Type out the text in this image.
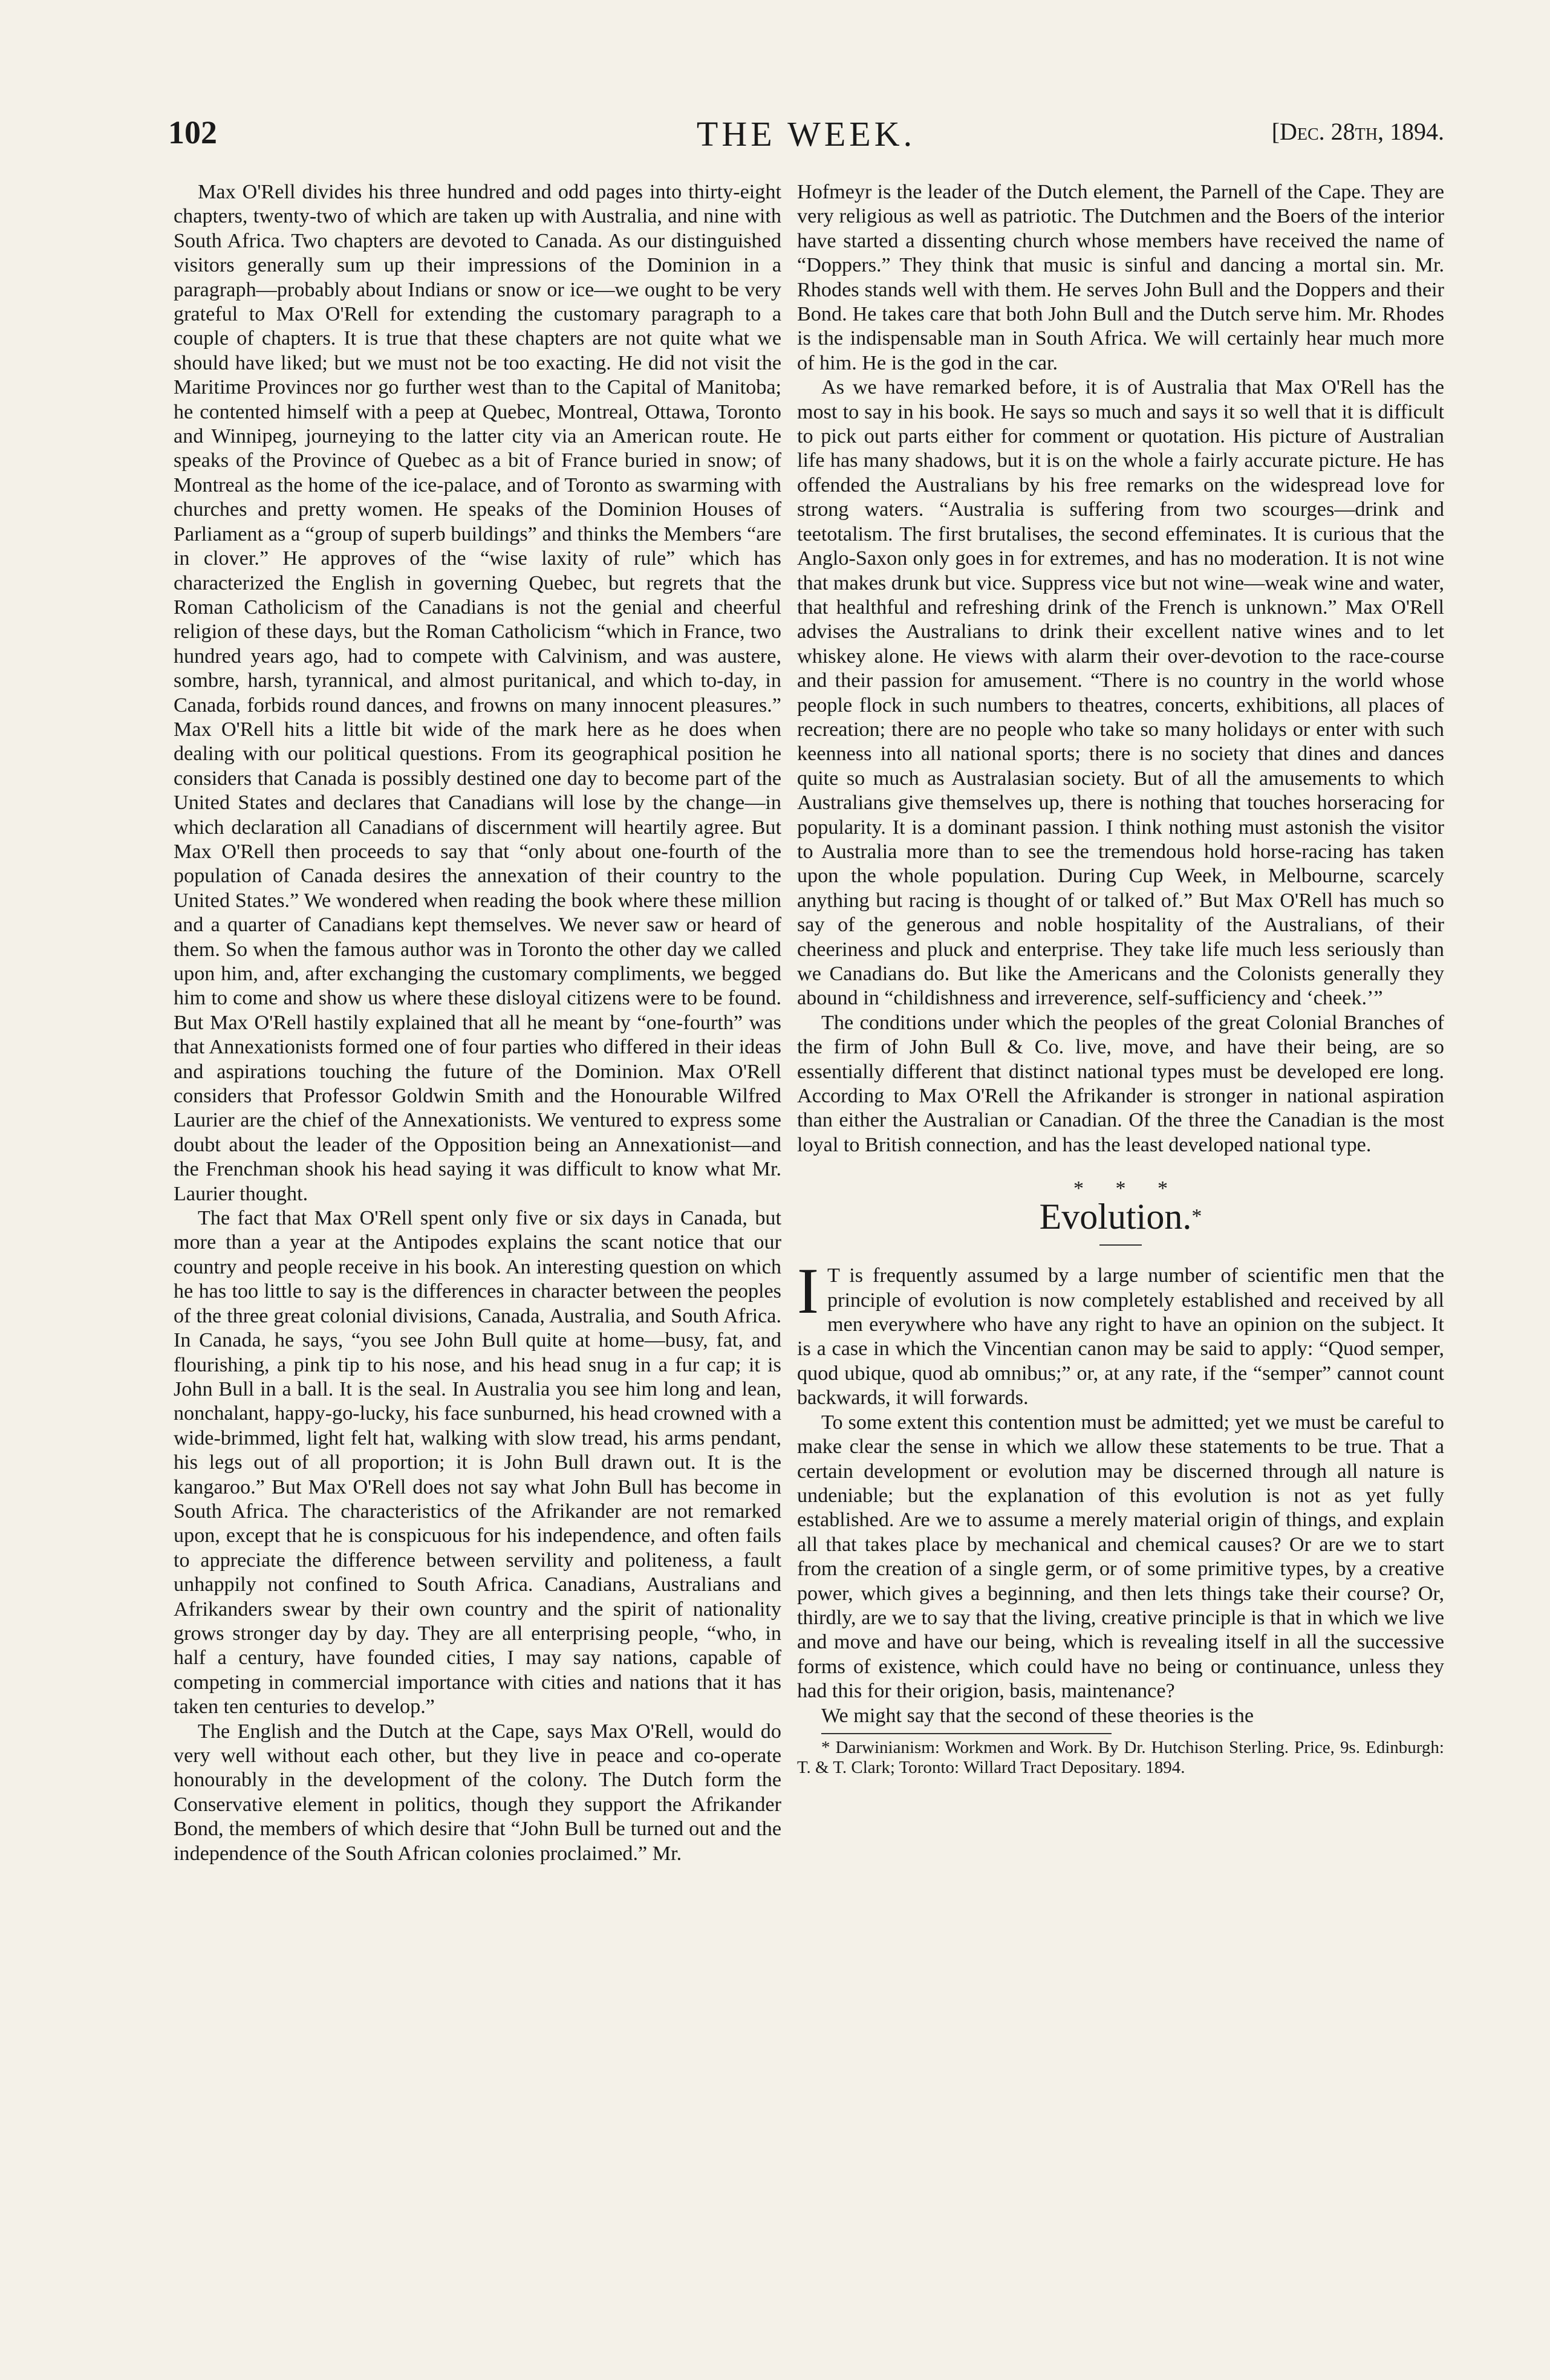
102	THE WEEK.	[Dec. 28th, 1894.

Max O'Rell divides his three hundred and odd pages into thirty-eight chapters, twenty-two of which are taken up with Australia, and nine with South Africa. Two chapters are devoted to Canada. As our distinguished visitors generally sum up their impressions of the Dominion in a paragraph—probably about Indians or snow or ice—we ought to be very grateful to Max O'Rell for extending the customary paragraph to a couple of chapters. It is true that these chapters are not quite what we should have liked; but we must not be too exacting. He did not visit the Maritime Provinces nor go further west than to the Capital of Manitoba; he contented himself with a peep at Quebec, Montreal, Ottawa, Toronto and Winnipeg, journeying to the latter city via an American route. He speaks of the Province of Quebec as a bit of France buried in snow; of Montreal as the home of the ice-palace, and of Toronto as swarming with churches and pretty women. He speaks of the Dominion Houses of Parliament as a “group of superb buildings” and thinks the Members “are in clover.” He approves of the “wise laxity of rule” which has characterized the English in governing Quebec, but regrets that the Roman Catholicism of the Canadians is not the genial and cheerful religion of these days, but the Roman Catholicism “which in France, two hundred years ago, had to compete with Calvinism, and was austere, sombre, harsh, tyrannical, and almost puritanical, and which to-day, in Canada, forbids round dances, and frowns on many innocent pleasures.” Max O'Rell hits a little bit wide of the mark here as he does when dealing with our political questions. From its geographical position he considers that Canada is possibly destined one day to become part of the United States and declares that Canadians will lose by the change—in which declaration all Canadians of discernment will heartily agree. But Max O'Rell then proceeds to say that “only about one-fourth of the population of Canada desires the annexation of their country to the United States.” We wondered when reading the book where these million and a quarter of Canadians kept themselves. We never saw or heard of them. So when the famous author was in Toronto the other day we called upon him, and, after exchanging the customary compliments, we begged him to come and show us where these disloyal citizens were to be found. But Max O'Rell hastily explained that all he meant by “one-fourth” was that Annexationists formed one of four parties who differed in their ideas and aspirations touching the future of the Dominion. Max O'Rell considers that Professor Goldwin Smith and the Honourable Wilfred Laurier are the chief of the Annexationists. We ventured to express some doubt about the leader of the Opposition being an Annexationist—and the Frenchman shook his head saying it was difficult to know what Mr. Laurier thought.

The fact that Max O'Rell spent only five or six days in Canada, but more than a year at the Antipodes explains the scant notice that our country and people receive in his book. An interesting question on which he has too little to say is the differences in character between the peoples of the three great colonial divisions, Canada, Australia, and South Africa. In Canada, he says, “you see John Bull quite at home—busy, fat, and flourishing, a pink tip to his nose, and his head snug in a fur cap; it is John Bull in a ball. It is the seal. In Australia you see him long and lean, nonchalant, happy-go-lucky, his face sunburned, his head crowned with a wide-brimmed, light felt hat, walking with slow tread, his arms pendant, his legs out of all proportion; it is John Bull drawn out. It is the kangaroo.” But Max O'Rell does not say what John Bull has become in South Africa. The characteristics of the Afrikander are not remarked upon, except that he is conspicuous for his independence, and often fails to appreciate the difference between servility and politeness, a fault unhappily not confined to South Africa. Canadians, Australians and Afrikanders swear by their own country and the spirit of nationality grows stronger day by day. They are all enterprising people, “who, in half a century, have founded cities, I may say nations, capable of competing in commercial importance with cities and nations that it has taken ten centuries to develop.”

The English and the Dutch at the Cape, says Max O'Rell, would do very well without each other, but they live in peace and co-operate honourably in the development of the colony. The Dutch form the Conservative element in politics, though they support the Afrikander Bond, the members of which desire that “John Bull be turned out and the independence of the South African colonies proclaimed.” Mr.

Hofmeyr is the leader of the Dutch element, the Parnell of the Cape. They are very religious as well as patriotic. The Dutchmen and the Boers of the interior have started a dissenting church whose members have received the name of “Doppers.” They think that music is sinful and dancing a mortal sin. Mr. Rhodes stands well with them. He serves John Bull and the Doppers and their Bond. He takes care that both John Bull and the Dutch serve him. Mr. Rhodes is the indispensable man in South Africa. We will certainly hear much more of him. He is the god in the car.

As we have remarked before, it is of Australia that Max O'Rell has the most to say in his book. He says so much and says it so well that it is difficult to pick out parts either for comment or quotation. His picture of Australian life has many shadows, but it is on the whole a fairly accurate picture. He has offended the Australians by his free remarks on the widespread love for strong waters. “Australia is suffering from two scourges—drink and teetotalism. The first brutalises, the second effeminates. It is curious that the Anglo-Saxon only goes in for extremes, and has no moderation. It is not wine that makes drunk but vice. Suppress vice but not wine—weak wine and water, that healthful and refreshing drink of the French is unknown.” Max O'Rell advises the Australians to drink their excellent native wines and to let whiskey alone. He views with alarm their over-devotion to the race-course and their passion for amusement. “There is no country in the world whose people flock in such numbers to theatres, concerts, exhibitions, all places of recreation; there are no people who take so many holidays or enter with such keenness into all national sports; there is no society that dines and dances quite so much as Australasian society. But of all the amusements to which Australians give themselves up, there is nothing that touches horseracing for popularity. It is a dominant passion. I think nothing must astonish the visitor to Australia more than to see the tremendous hold horse-racing has taken upon the whole population. During Cup Week, in Melbourne, scarcely anything but racing is thought of or talked of.” But Max O'Rell has much so say of the generous and noble hospitality of the Australians, of their cheeriness and pluck and enterprise. They take life much less seriously than we Canadians do. But like the Americans and the Colonists generally they abound in “childishness and irreverence, self-sufficiency and ‘cheek.’”

The conditions under which the peoples of the great Colonial Branches of the firm of John Bull & Co. live, move, and have their being, are so essentially different that distinct national types must be developed ere long. According to Max O'Rell the Afrikander is stronger in national aspiration than either the Australian or Canadian. Of the three the Canadian is the most loyal to British connection, and has the least developed national type.

* * *
Evolution.*

I T is frequently assumed by a large number of scientific men that the principle of evolution is now completely established and received by all men everywhere who have any right to have an opinion on the subject. It is a case in which the Vincentian canon may be said to apply: “Quod semper, quod ubique, quod ab omnibus;” or, at any rate, if the “semper” cannot count backwards, it will forwards.

To some extent this contention must be admitted; yet we must be careful to make clear the sense in which we allow these statements to be true. That a certain development or evolution may be discerned through all nature is undeniable; but the explanation of this evolution is not as yet fully established. Are we to assume a merely material origin of things, and explain all that takes place by mechanical and chemical causes? Or are we to start from the creation of a single germ, or of some primitive types, by a creative power, which gives a beginning, and then lets things take their course? Or, thirdly, are we to say that the living, creative principle is that in which we live and move and have our being, which is revealing itself in all the successive forms of existence, which could have no being or continuance, unless they had this for their origion, basis, maintenance?

We might say that the second of these theories is the

* Darwinianism: Workmen and Work. By Dr. Hutchison Sterling. Price, 9s. Edinburgh: T. & T. Clark; Toronto: Willard Tract Depositary. 1894.
